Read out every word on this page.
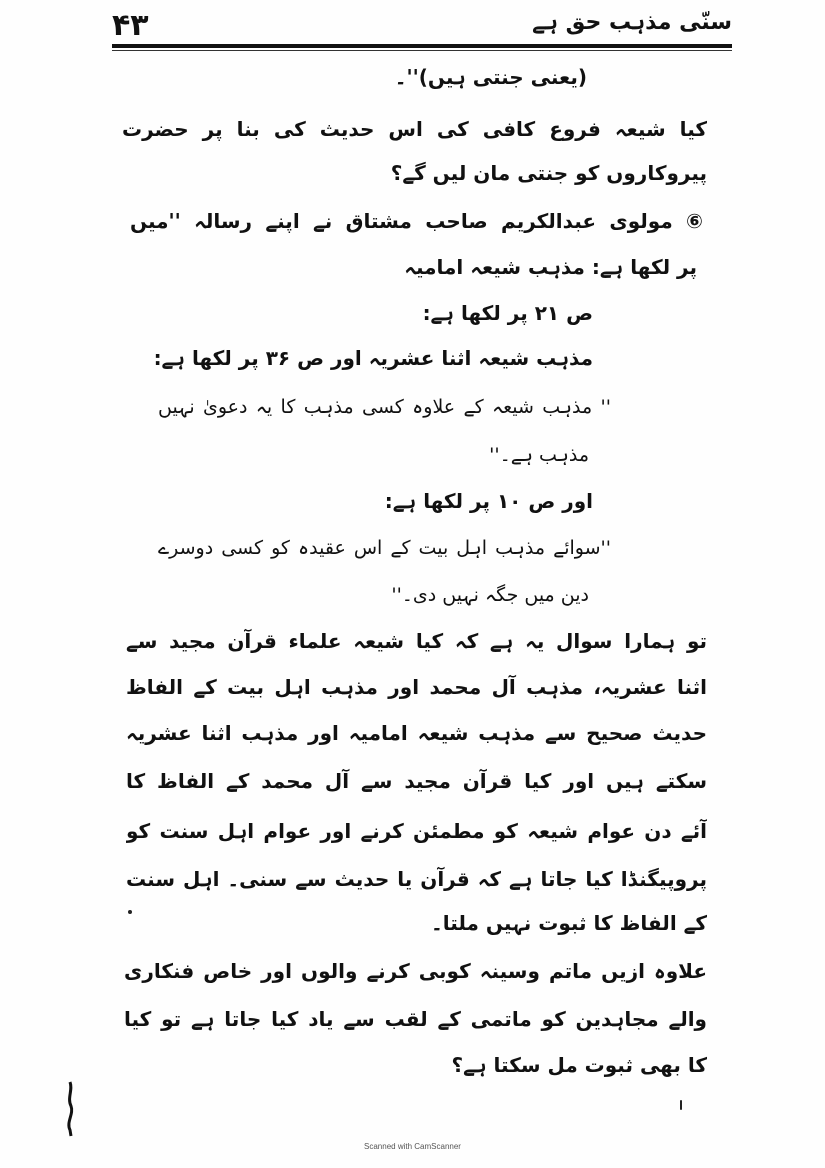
۴۳	سنّی مذہب حق ہے
(یعنی جنتی ہیں)''۔
کیا شیعہ فروع کافی کی اس حدیث کی بنا پر حضرت
پیروکاروں کو جنتی مان لیں گے؟
⑥ مولوی عبدالکریم صاحب مشتاق نے اپنے رسالہ ''میں
پر لکھا ہے: مذہب شیعہ امامیہ
ص ۲۱ پر لکھا ہے:
مذہب شیعہ اثنا عشریہ اور ص ۳۶ پر لکھا ہے:
'' مذہب شیعہ کے علاوہ کسی مذہب کا یہ دعویٰ نہیں
مذہب ہے۔''
اور ص ۱۰ پر لکھا ہے:
''سوائے مذہب اہل بیت کے اس عقیدہ کو کسی دوسرے
دین میں جگہ نہیں دی۔''
تو ہمارا سوال یہ ہے کہ کیا شیعہ علماء قرآن مجید سے
اثنا عشریہ، مذہب آل محمد اور مذہب اہل بیت کے الفاظ
حدیث صحیح سے مذہب شیعہ امامیہ اور مذہب اثنا عشریہ
سکتے ہیں اور کیا قرآن مجید سے آل محمد کے الفاظ کا
آئے دن عوام شیعہ کو مطمئن کرنے اور عوام اہل سنت کو
پروپیگنڈا کیا جاتا ہے کہ قرآن یا حدیث سے سنی۔ اہل سنت
کے الفاظ کا ثبوت نہیں ملتا۔
علاوہ ازیں ماتم وسینہ کوبی کرنے والوں اور خاص فنکاری
والے مجاہدین کو ماتمی کے لقب سے یاد کیا جاتا ہے تو کیا
کا بھی ثبوت مل سکتا ہے؟
Scanned with CamScanner
